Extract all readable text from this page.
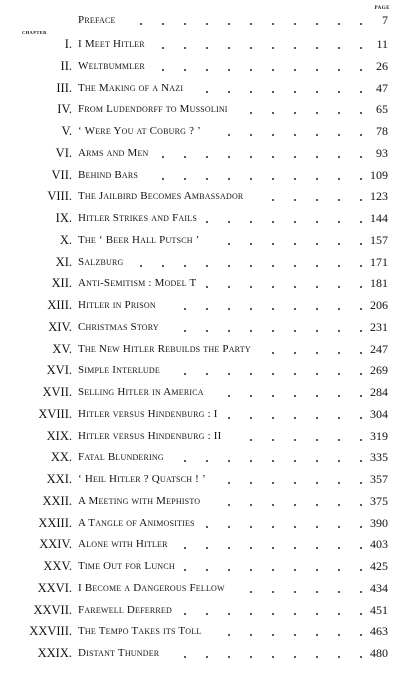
PAGE
CHAPTER
Preface	7
I. I Meet Hitler	11
II. Weltbummler	26
III. The Making of a Nazi	47
IV. From Ludendorff to Mussolini	65
V. ‘ Were You at Coburg ? ’	78
VI. Arms and Men	93
VII. Behind Bars	109
VIII. The Jailbird Becomes Ambassador	123
IX. Hitler Strikes and Fails	144
X. The ‘ Beer Hall Putsch ’	157
XI. Salzburg	171
XII. Anti-Semitism : Model T	181
XIII. Hitler in Prison	206
XIV. Christmas Story	231
XV. The New Hitler Rebuilds the Party	247
XVI. Simple Interlude	269
XVII. Selling Hitler in America	284
XVIII. Hitler versus Hindenburg : I	304
XIX. Hitler versus Hindenburg : II	319
XX. Fatal Blundering	335
XXI. ‘ Heil Hitler ? Quatsch ! ’	357
XXII. A Meeting with Mephisto	375
XXIII. A Tangle of Animosities	390
XXIV. Alone with Hitler	403
XXV. Time Out for Lunch	425
XXVI. I Become a Dangerous Fellow	434
XXVII. Farewell Deferred	451
XXVIII. The Tempo Takes its Toll	463
XXIX. Distant Thunder	480
